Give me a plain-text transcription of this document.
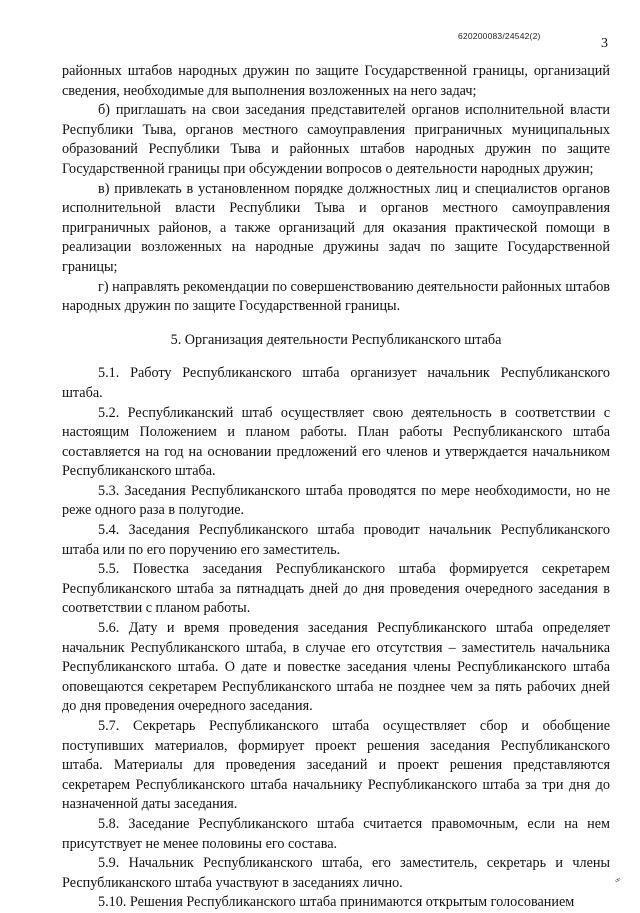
620200083/24542(2)	3

районных штабов народных дружин по защите Государственной границы, организаций сведения, необходимые для выполнения возложенных на него задач;

б) приглашать на свои заседания представителей органов исполнительной власти Республики Тыва, органов местного самоуправления приграничных муниципальных образований Республики Тыва и районных штабов народных дружин по защите Государственной границы при обсуждении вопросов о деятельности народных дружин;

в) привлекать в установленном порядке должностных лиц и специалистов органов исполнительной власти Республики Тыва и органов местного самоуправления приграничных районов, а также организаций для оказания практической помощи в реализации возложенных на народные дружины задач по защите Государственной границы;

г) направлять рекомендации по совершенствованию деятельности районных штабов народных дружин по защите Государственной границы.

5. Организация деятельности Республиканского штаба

5.1. Работу Республиканского штаба организует начальник Республиканского штаба.

5.2. Республиканский штаб осуществляет свою деятельность в соответствии с настоящим Положением и планом работы. План работы Республиканского штаба составляется на год на основании предложений его членов и утверждается начальником Республиканского штаба.

5.3. Заседания Республиканского штаба проводятся по мере необходимости, но не реже одного раза в полугодие.

5.4. Заседания Республиканского штаба проводит начальник Республиканского штаба или по его поручению его заместитель.

5.5. Повестка заседания Республиканского штаба формируется секретарем Республиканского штаба за пятнадцать дней до дня проведения очередного заседания в соответствии с планом работы.

5.6. Дату и время проведения заседания Республиканского штаба определяет начальник Республиканского штаба, в случае его отсутствия – заместитель начальника Республиканского штаба. О дате и повестке заседания члены Республиканского штаба оповещаются секретарем Республиканского штаба не позднее чем за пять рабочих дней до дня проведения очередного заседания.

5.7. Секретарь Республиканского штаба осуществляет сбор и обобщение поступивших материалов, формирует проект решения заседания Республиканского штаба. Материалы для проведения заседаний и проект решения представляются секретарем Республиканского штаба начальнику Республиканского штаба за три дня до назначенной даты заседания.

5.8. Заседание Республиканского штаба считается правомочным, если на нем присутствует не менее половины его состава.

5.9. Начальник Республиканского штаба, его заместитель, секретарь и члены Республиканского штаба участвуют в заседаниях лично.

5.10. Решения Республиканского штаба принимаются открытым голосованием

ꟹ
